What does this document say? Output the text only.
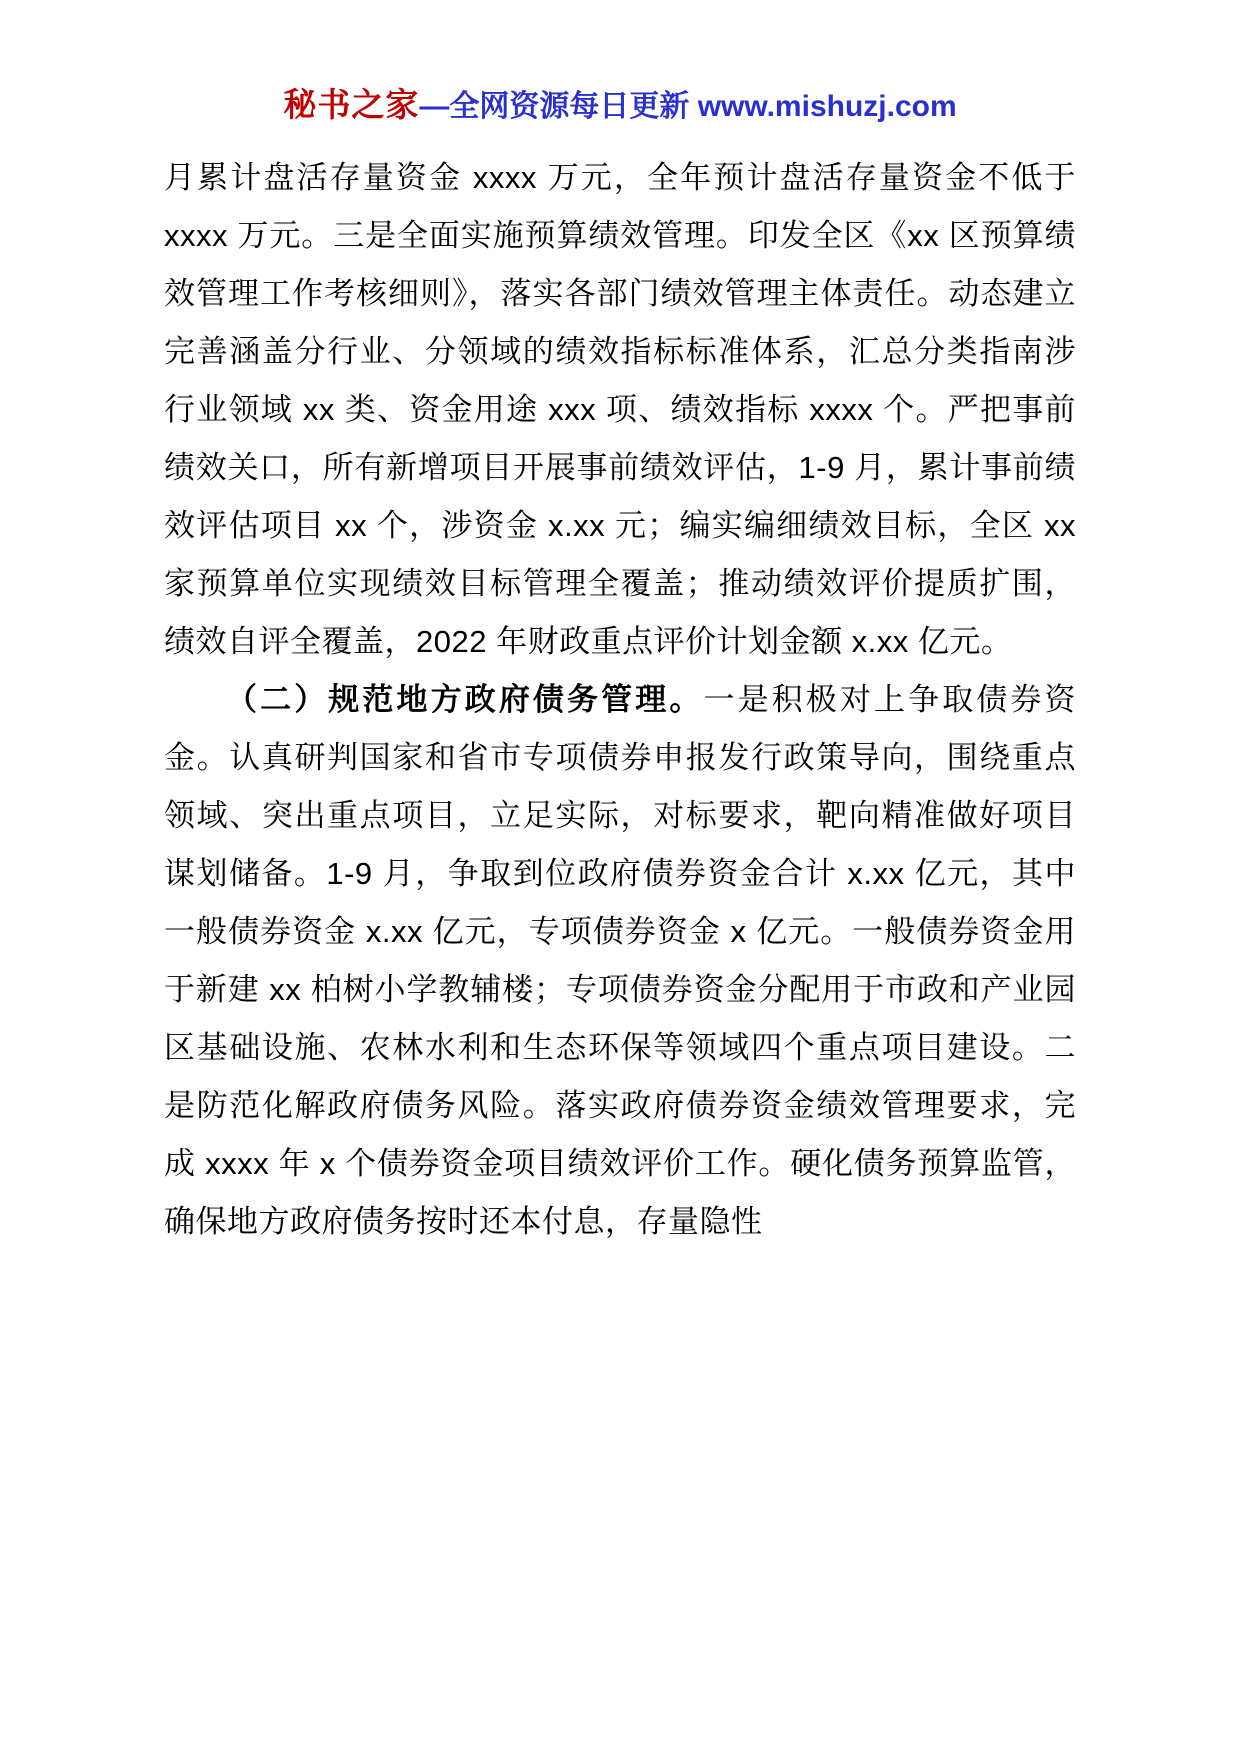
秘书之家—全网资源每日更新 www.mishuzj.com

月累计盘活存量资金 xxxx 万元，全年预计盘活存量资金不低于 xxxx 万元。三是全面实施预算绩效管理。印发全区《xx 区预算绩效管理工作考核细则》，落实各部门绩效管理主体责任。动态建立完善涵盖分行业、分领域的绩效指标标准体系，汇总分类指南涉行业领域 xx 类、资金用途 xxx 项、绩效指标 xxxx 个。严把事前绩效关口，所有新增项目开展事前绩效评估，1‐9 月，累计事前绩效评估项目 xx 个，涉资金 x.xx 元；编实编细绩效目标，全区 xx 家预算单位实现绩效目标管理全覆盖；推动绩效评价提质扩围，绩效自评全覆盖，2022 年财政重点评价计划金额 x.xx 亿元。

（二）规范地方政府债务管理。一是积极对上争取债券资金。认真研判国家和省市专项债券申报发行政策导向，围绕重点领域、突出重点项目，立足实际，对标要求，靶向精准做好项目谋划储备。1‐9 月，争取到位政府债券资金合计 x.xx 亿元，其中一般债券资金 x.xx 亿元，专项债券资金 x 亿元。一般债券资金用于新建 xx 柏树小学教辅楼；专项债券资金分配用于市政和产业园区基础设施、农林水利和生态环保等领域四个重点项目建设。二是防范化解政府债务风险。落实政府债券资金绩效管理要求，完成 xxxx 年 x 个债券资金项目绩效评价工作。硬化债务预算监管，确保地方政府债务按时还本付息，存量隐性
